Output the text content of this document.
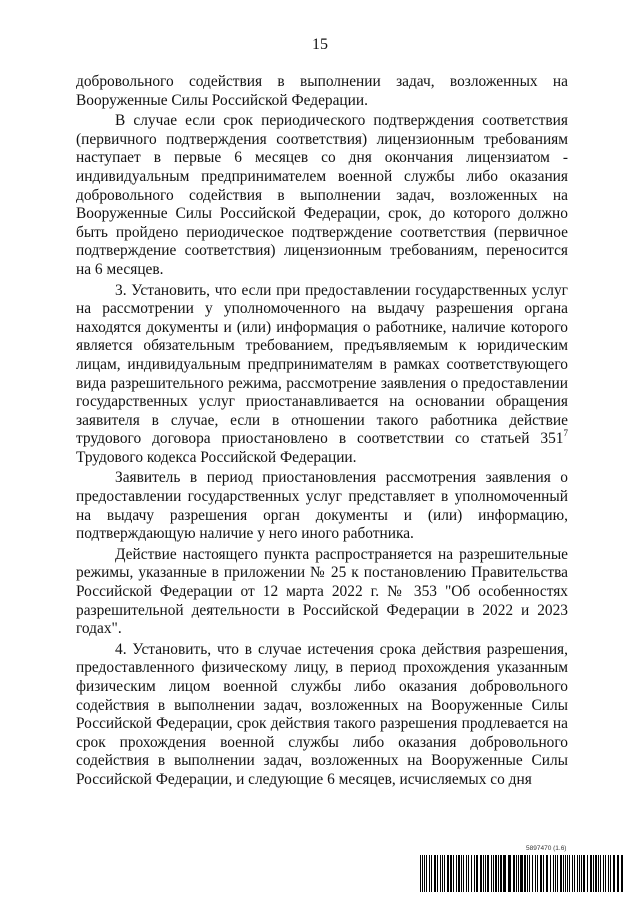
15

добровольного содействия в выполнении задач, возложенных на Вооруженные Силы Российской Федерации.

В случае если срок периодического подтверждения соответствия (первичного подтверждения соответствия) лицензионным требованиям наступает в первые 6 месяцев со дня окончания лицензиатом - индивидуальным предпринимателем военной службы либо оказания добровольного содействия в выполнении задач, возложенных на Вооруженные Силы Российской Федерации, срок, до которого должно быть пройдено периодическое подтверждение соответствия (первичное подтверждение соответствия) лицензионным требованиям, переносится на 6 месяцев.

3. Установить, что если при предоставлении государственных услуг на рассмотрении у уполномоченного на выдачу разрешения органа находятся документы и (или) информация о работнике, наличие которого является обязательным требованием, предъявляемым к юридическим лицам, индивидуальным предпринимателям в рамках соответствующего вида разрешительного режима, рассмотрение заявления о предоставлении государственных услуг приостанавливается на основании обращения заявителя в случае, если в отношении такого работника действие трудового договора приостановлено в соответствии со статьей $351^7$ Трудового кодекса Российской Федерации.

Заявитель в период приостановления рассмотрения заявления о предоставлении государственных услуг представляет в уполномоченный на выдачу разрешения орган документы и (или) информацию, подтверждающую наличие у него иного работника.

Действие настоящего пункта распространяется на разрешительные режимы, указанные в приложении № 25 к постановлению Правительства Российской Федерации от 12 марта 2022 г. № 353 "Об особенностях разрешительной деятельности в Российской Федерации в 2022 и 2023 годах".

4. Установить, что в случае истечения срока действия разрешения, предоставленного физическому лицу, в период прохождения указанным физическим лицом военной службы либо оказания добровольного содействия в выполнении задач, возложенных на Вооруженные Силы Российской Федерации, срок действия такого разрешения продлевается на срок прохождения военной службы либо оказания добровольного содействия в выполнении задач, возложенных на Вооруженные Силы Российской Федерации, и следующие 6 месяцев, исчисляемых со дня

5897470 (1.6)
